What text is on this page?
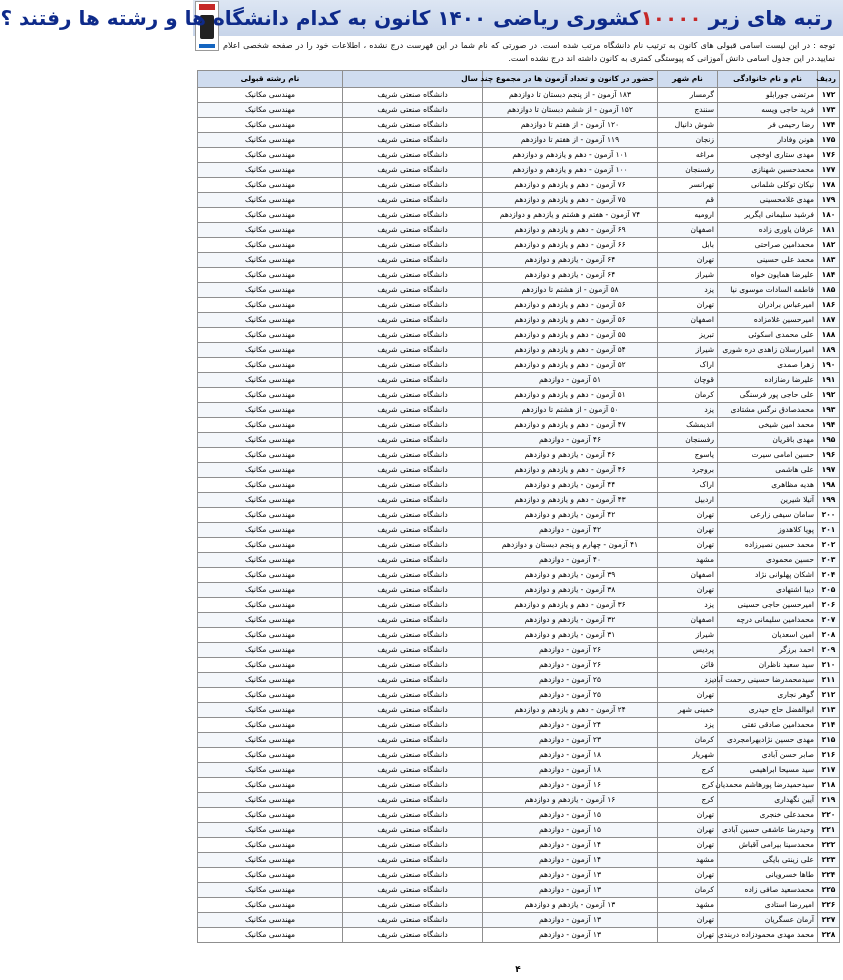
رتبه های زیر ۱۰۰۰۰کشوری ریاضی ۱۴۰۰ کانون به کدام دانشگاه ها و رشته ها رفتند ؟
توجه : در این لیست اسامی قبولی های کانون به ترتیب نام دانشگاه مرتب شده است. در صورتی که نام شما در این فهرست درج نشده ، اطلاعات خود را در صفحه شخصی اعلام نمایید.در این جدول اسامی دانش آموزانی که پیوستگی کمتری به کانون داشته اند درج نشده است.
ردیف	نام و نام خانوادگی	نام شهر	حضور در کانون و تعداد آزمون ها در مجموع چند سال		نام رشته قبولی
۱۷۲	مرتضی جورابلو	گرمسار	۱۸۳ آزمون - از پنجم دبستان تا دوازدهم	دانشگاه صنعتی شریف	مهندسی مکانیک
۱۷۳	فرید حاجی ویسه	سنندج	۱۵۲ آزمون - از ششم دبستان تا دوازدهم	دانشگاه صنعتی شریف	مهندسی مکانیک
۱۷۴	رضا رحیمی فر	شوش دانیال	۱۲۰ آزمون - از هفتم تا دوازدهم	دانشگاه صنعتی شریف	مهندسی مکانیک
۱۷۵	هونن وفادار	زنجان	۱۱۹ آزمون - از هفتم تا دوازدهم	دانشگاه صنعتی شریف	مهندسی مکانیک
۱۷۶	مهدی ستاری اوخچی	مراغه	۱۰۱ آزمون - دهم و یازدهم و دوازدهم	دانشگاه صنعتی شریف	مهندسی مکانیک
۱۷۷	محمدحسین شهنازی	رفسنجان	۱۰۰ آزمون - دهم و یازدهم و دوازدهم	دانشگاه صنعتی شریف	مهندسی مکانیک
۱۷۸	نیکان توکلی شلمانی	تهرانسر	۷۶ آزمون - دهم و یازدهم و دوازدهم	دانشگاه صنعتی شریف	مهندسی مکانیک
۱۷۹	مهدی غلامحسینی	قم	۷۵ آزمون - دهم و یازدهم و دوازدهم	دانشگاه صنعتی شریف	مهندسی مکانیک
۱۸۰	فرشید سلیمانی ایگریر	ارومیه	۷۴ آزمون - هفتم و هشتم و یازدهم و دوازدهم	دانشگاه صنعتی شریف	مهندسی مکانیک
۱۸۱	عرفان یاوری زاده	اصفهان	۶۹ آزمون - دهم و یازدهم و دوازدهم	دانشگاه صنعتی شریف	مهندسی مکانیک
۱۸۲	محمدامین صراحتی	بابل	۶۶ آزمون - دهم و یازدهم و دوازدهم	دانشگاه صنعتی شریف	مهندسی مکانیک
۱۸۳	محمد علی حسینی	تهران	۶۴ آزمون - یازدهم و دوازدهم	دانشگاه صنعتی شریف	مهندسی مکانیک
۱۸۴	علیرضا همایون خواه	شیراز	۶۴ آزمون - یازدهم و دوازدهم	دانشگاه صنعتی شریف	مهندسی مکانیک
۱۸۵	فاطمه السادات موسوی نیا	یزد	۵۸ آزمون - از هشتم تا دوازدهم	دانشگاه صنعتی شریف	مهندسی مکانیک
۱۸۶	امیرعباس برادران	تهران	۵۶ آزمون - دهم و یازدهم و دوازدهم	دانشگاه صنعتی شریف	مهندسی مکانیک
۱۸۷	امیرحسین غلامزاده	اصفهان	۵۶ آزمون - دهم و یازدهم و دوازدهم	دانشگاه صنعتی شریف	مهندسی مکانیک
۱۸۸	علی محمدی اسکوئی	تبریز	۵۵ آزمون - دهم و یازدهم و دوازدهم	دانشگاه صنعتی شریف	مهندسی مکانیک
۱۸۹	امیرارسلان زاهدی دره شوری	شیراز	۵۴ آزمون - دهم و یازدهم و دوازدهم	دانشگاه صنعتی شریف	مهندسی مکانیک
۱۹۰	زهرا صمدی	اراک	۵۲ آزمون - دهم و یازدهم و دوازدهم	دانشگاه صنعتی شریف	مهندسی مکانیک
۱۹۱	علیرضا رضازاده	قوچان	۵۱ آزمون - دوازدهم	دانشگاه صنعتی شریف	مهندسی مکانیک
۱۹۲	علی حاجی پور فرسنگی	کرمان	۵۱ آزمون - دهم و یازدهم و دوازدهم	دانشگاه صنعتی شریف	مهندسی مکانیک
۱۹۳	محمدصادق نرگس مشتادی	یزد	۵۰ آزمون - از هشتم تا دوازدهم	دانشگاه صنعتی شریف	مهندسی مکانیک
۱۹۴	محمد امین شیخی	اندیمشک	۴۷ آزمون - دهم و یازدهم و دوازدهم	دانشگاه صنعتی شریف	مهندسی مکانیک
۱۹۵	مهدی باقریان	رفسنجان	۴۶ آزمون - دوازدهم	دانشگاه صنعتی شریف	مهندسی مکانیک
۱۹۶	حسین امامی سیرت	یاسوج	۴۶ آزمون - یازدهم و دوازدهم	دانشگاه صنعتی شریف	مهندسی مکانیک
۱۹۷	علی هاشمی	بروجرد	۴۶ آزمون - دهم و یازدهم و دوازدهم	دانشگاه صنعتی شریف	مهندسی مکانیک
۱۹۸	هدیه مظاهری	اراک	۴۴ آزمون - یازدهم و دوازدهم	دانشگاه صنعتی شریف	مهندسی مکانیک
۱۹۹	آتیلا شیرین	اردبیل	۴۳ آزمون - دهم و یازدهم و دوازدهم	دانشگاه صنعتی شریف	مهندسی مکانیک
۲۰۰	سامان سیفی زارعی	تهران	۴۲ آزمون - یازدهم و دوازدهم	دانشگاه صنعتی شریف	مهندسی مکانیک
۲۰۱	پویا کلاهدوز	تهران	۴۲ آزمون - دوازدهم	دانشگاه صنعتی شریف	مهندسی مکانیک
۲۰۲	محمد حسین نصیرزاده	تهران	۴۱ آزمون - چهارم و پنجم دبستان و دوازدهم	دانشگاه صنعتی شریف	مهندسی مکانیک
۲۰۳	حسین محمودی	مشهد	۴۰ آزمون - دوازدهم	دانشگاه صنعتی شریف	مهندسی مکانیک
۲۰۴	اشکان پهلوانی نژاد	اصفهان	۳۹ آزمون - یازدهم و دوازدهم	دانشگاه صنعتی شریف	مهندسی مکانیک
۲۰۵	دیبا اشتهادی	تهران	۳۸ آزمون - یازدهم و دوازدهم	دانشگاه صنعتی شریف	مهندسی مکانیک
۲۰۶	امیرحسین حاجی حسینی	یزد	۳۶ آزمون - دهم و یازدهم و دوازدهم	دانشگاه صنعتی شریف	مهندسی مکانیک
۲۰۷	محمدامین سلیمانی درچه	اصفهان	۳۲ آزمون - یازدهم و دوازدهم	دانشگاه صنعتی شریف	مهندسی مکانیک
۲۰۸	امین اسعدیان	شیراز	۳۱ آزمون - یازدهم و دوازدهم	دانشگاه صنعتی شریف	مهندسی مکانیک
۲۰۹	احمد برزگر	پردیس	۲۶ آزمون - دوازدهم	دانشگاه صنعتی شریف	مهندسی مکانیک
۲۱۰	سید سعید ناظران	قائن	۲۶ آزمون - دوازدهم	دانشگاه صنعتی شریف	مهندسی مکانیک
۲۱۱	سیدمحمدرضا حسینی رحمت آباد	یزد	۲۵ آزمون - دوازدهم	دانشگاه صنعتی شریف	مهندسی مکانیک
۲۱۲	گوهر نجاری	تهران	۲۵ آزمون - دوازدهم	دانشگاه صنعتی شریف	مهندسی مکانیک
۲۱۳	ابوالفضل حاج حیدری	خمینی شهر	۲۴ آزمون - دهم و یازدهم و دوازدهم	دانشگاه صنعتی شریف	مهندسی مکانیک
۲۱۴	محمدامین صادقی تفتی	یزد	۲۴ آزمون - دوازدهم	دانشگاه صنعتی شریف	مهندسی مکانیک
۲۱۵	مهدی حسین نژادبهرامجردی	کرمان	۲۳ آزمون - دوازدهم	دانشگاه صنعتی شریف	مهندسی مکانیک
۲۱۶	صابر حسن آبادی	شهریار	۱۸ آزمون - دوازدهم	دانشگاه صنعتی شریف	مهندسی مکانیک
۲۱۷	سید مسیحا ابراهیمی	کرج	۱۸ آزمون - دوازدهم	دانشگاه صنعتی شریف	مهندسی مکانیک
۲۱۸	سیدحمیدرضا پورهاشم محمدیان	کرج	۱۶ آزمون - دوازدهم	دانشگاه صنعتی شریف	مهندسی مکانیک
۲۱۹	آیین نگهداری	کرج	۱۶ آزمون - یازدهم و دوازدهم	دانشگاه صنعتی شریف	مهندسی مکانیک
۲۲۰	محمدعلی خنجری	تهران	۱۵ آزمون - دوازدهم	دانشگاه صنعتی شریف	مهندسی مکانیک
۲۲۱	وحیدرضا عاشقی حسین آبادی	تهران	۱۵ آزمون - دوازدهم	دانشگاه صنعتی شریف	مهندسی مکانیک
۲۲۲	محمدسینا بیرامی آقباش	تهران	۱۴ آزمون - دوازدهم	دانشگاه صنعتی شریف	مهندسی مکانیک
۲۲۳	علی زینتی بایگی	مشهد	۱۴ آزمون - دوازدهم	دانشگاه صنعتی شریف	مهندسی مکانیک
۲۲۴	طاها خسرویانی	تهران	۱۳ آزمون - دوازدهم	دانشگاه صنعتی شریف	مهندسی مکانیک
۲۲۵	محمدسعید صافی زاده	کرمان	۱۳ آزمون - دوازدهم	دانشگاه صنعتی شریف	مهندسی مکانیک
۲۲۶	امیررضا استادی	مشهد	۱۳ آزمون - یازدهم و دوازدهم	دانشگاه صنعتی شریف	مهندسی مکانیک
۲۲۷	آرمان عسگریان	تهران	۱۳ آزمون - دوازدهم	دانشگاه صنعتی شریف	مهندسی مکانیک
۲۲۸	محمد مهدی محمودزاده دربندی	تهران	۱۳ آزمون - دوازدهم	دانشگاه صنعتی شریف	مهندسی مکانیک
۴
